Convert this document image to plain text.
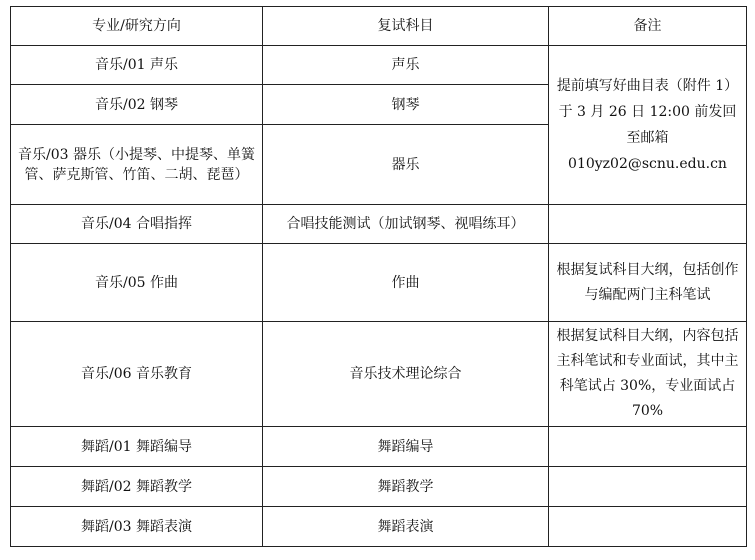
专业/研究方向	复试科目	备注
音乐/01 声乐	声乐	提前填写好曲目表（附件 1）于 3 月 26 日 12:00 前发回至邮箱 010yz02@scnu.edu.cn
音乐/02 钢琴	钢琴	
音乐/03 器乐（小提琴、中提琴、单簧管、萨克斯管、竹笛、二胡、琵琶）	器乐	
音乐/04 合唱指挥	合唱技能测试（加试钢琴、视唱练耳）	
音乐/05 作曲	作曲	根据复试科目大纲，包括创作与编配两门主科笔试
音乐/06 音乐教育	音乐技术理论综合	根据复试科目大纲，内容包括主科笔试和专业面试，其中主科笔试占 30%，专业面试占 70%
舞蹈/01 舞蹈编导	舞蹈编导	
舞蹈/02 舞蹈教学	舞蹈教学	
舞蹈/03 舞蹈表演	舞蹈表演	
